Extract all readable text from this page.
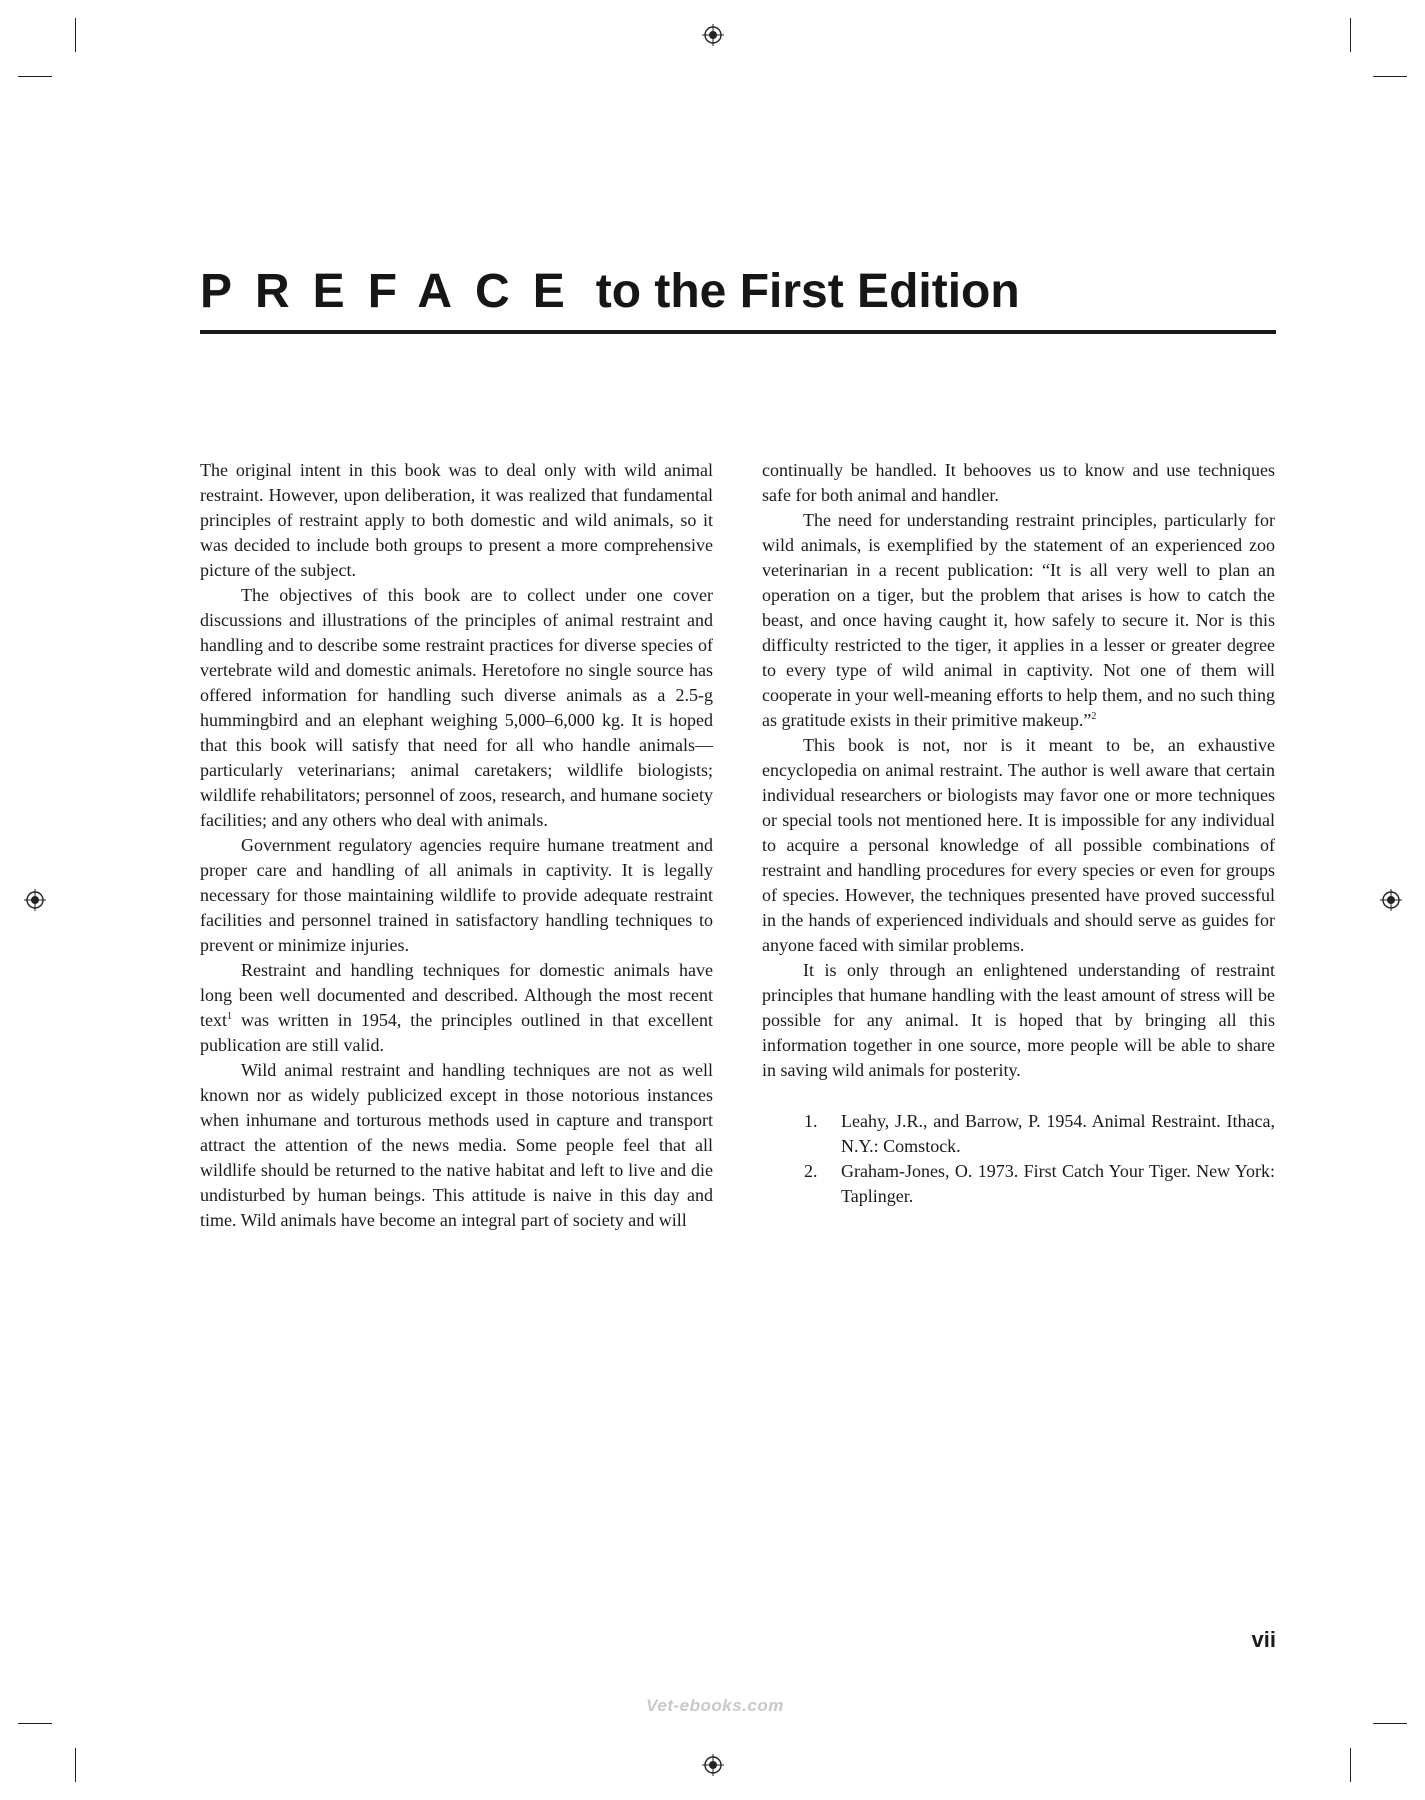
PREFACE to the First Edition

The original intent in this book was to deal only with wild animal restraint. However, upon deliberation, it was realized that fundamental principles of restraint apply to both domestic and wild animals, so it was decided to include both groups to present a more comprehensive picture of the subject.

The objectives of this book are to collect under one cover discussions and illustrations of the principles of animal restraint and handling and to describe some restraint practices for diverse species of vertebrate wild and domestic animals. Heretofore no single source has offered information for handling such diverse animals as a 2.5-g hummingbird and an elephant weighing 5,000–6,000 kg. It is hoped that this book will satisfy that need for all who handle animals—particularly veterinarians; animal caretakers; wildlife biologists; wildlife rehabilitators; personnel of zoos, research, and humane society facilities; and any others who deal with animals.

Government regulatory agencies require humane treatment and proper care and handling of all animals in captivity. It is legally necessary for those maintaining wildlife to provide adequate restraint facilities and personnel trained in satisfactory handling techniques to prevent or minimize injuries.

Restraint and handling techniques for domestic animals have long been well documented and described. Although the most recent text$^1$ was written in 1954, the principles outlined in that excellent publication are still valid.

Wild animal restraint and handling techniques are not as well known nor as widely publicized except in those notorious instances when inhumane and torturous methods used in capture and transport attract the attention of the news media. Some people feel that all wildlife should be returned to the native habitat and left to live and die undisturbed by human beings. This attitude is naive in this day and time. Wild animals have become an integral part of society and will

continually be handled. It behooves us to know and use techniques safe for both animal and handler.

The need for understanding restraint principles, particularly for wild animals, is exemplified by the statement of an experienced zoo veterinarian in a recent publication: “It is all very well to plan an operation on a tiger, but the problem that arises is how to catch the beast, and once having caught it, how safely to secure it. Nor is this difficulty restricted to the tiger, it applies in a lesser or greater degree to every type of wild animal in captivity. Not one of them will cooperate in your well-meaning efforts to help them, and no such thing as gratitude exists in their primitive makeup.”$^2$

This book is not, nor is it meant to be, an exhaustive encyclopedia on animal restraint. The author is well aware that certain individual researchers or biologists may favor one or more techniques or special tools not mentioned here. It is impossible for any individual to acquire a personal knowledge of all possible combinations of restraint and handling procedures for every species or even for groups of species. However, the techniques presented have proved successful in the hands of experienced individuals and should serve as guides for anyone faced with similar problems.

It is only through an enlightened understanding of restraint principles that humane handling with the least amount of stress will be possible for any animal. It is hoped that by bringing all this information together in one source, more people will be able to share in saving wild animals for posterity.

1. Leahy, J.R., and Barrow, P. 1954. Animal Restraint. Ithaca, N.Y.: Comstock.
2. Graham-Jones, O. 1973. First Catch Your Tiger. New York: Taplinger.
vii
Vet-ebooks.com
